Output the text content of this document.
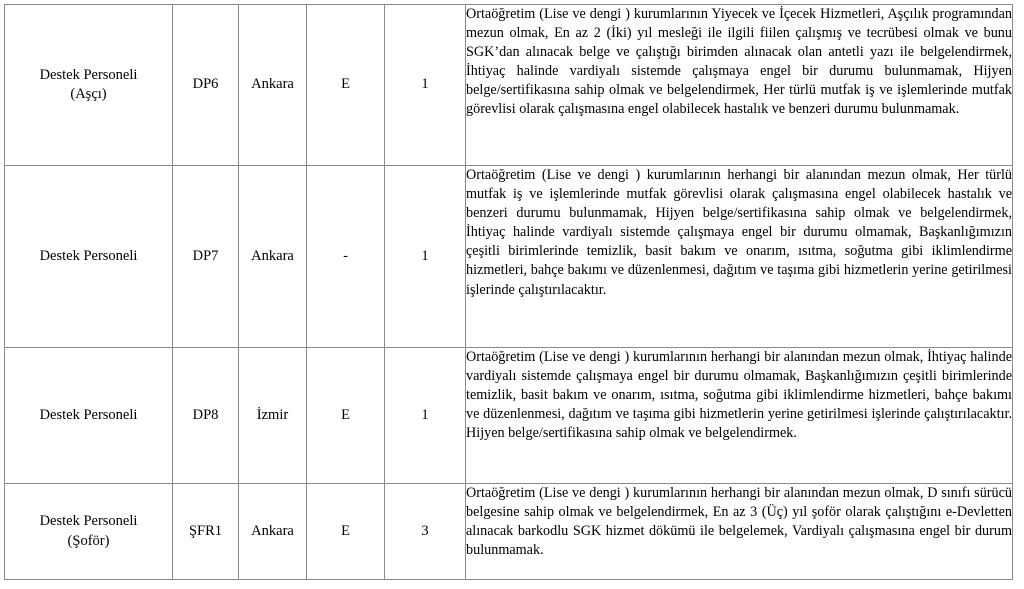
Destek Personeli
(Aşçı)	DP6	Ankara	E	1	Ortaöğretim (Lise ve dengi ) kurumlarının Yiyecek ve İçecek Hizmetleri, Aşçılık programından mezun olmak, En az 2 (İki) yıl mesleği ile ilgili fiilen çalışmış ve tecrübesi olmak ve bunu SGK’dan alınacak belge ve çalıştığı birimden alınacak olan antetli yazı ile belgelendirmek, İhtiyaç halinde vardiyalı sistemde çalışmaya engel bir durumu bulunmamak, Hijyen belge/sertifikasına sahip olmak ve belgelendirmek, Her türlü mutfak iş ve işlemlerinde mutfak görevlisi olarak çalışmasına engel olabilecek hastalık ve benzeri durumu bulunmamak.

Destek Personeli	DP7	Ankara	-	1	Ortaöğretim (Lise ve dengi ) kurumlarının herhangi bir alanından mezun olmak, Her türlü mutfak iş ve işlemlerinde mutfak görevlisi olarak çalışmasına engel olabilecek hastalık ve benzeri durumu bulunmamak, Hijyen belge/sertifikasına sahip olmak ve belgelendirmek, İhtiyaç halinde vardiyalı sistemde çalışmaya engel bir durumu olmamak, Başkanlığımızın çeşitli birimlerinde temizlik, basit bakım ve onarım, ısıtma, soğutma gibi iklimlendirme hizmetleri, bahçe bakımı ve düzenlenmesi, dağıtım ve taşıma gibi hizmetlerin yerine getirilmesi işlerinde çalıştırılacaktır.

Destek Personeli	DP8	İzmir	E	1	Ortaöğretim (Lise ve dengi ) kurumlarının herhangi bir alanından mezun olmak, İhtiyaç halinde vardiyalı sistemde çalışmaya engel bir durumu olmamak, Başkanlığımızın çeşitli birimlerinde temizlik, basit bakım ve onarım, ısıtma, soğutma gibi iklimlendirme hizmetleri, bahçe bakımı ve düzenlenmesi, dağıtım ve taşıma gibi hizmetlerin yerine getirilmesi işlerinde çalıştırılacaktır. Hijyen belge/sertifikasına sahip olmak ve belgelendirmek.

Destek Personeli
(Şoför)	ŞFR1	Ankara	E	3	Ortaöğretim (Lise ve dengi ) kurumlarının herhangi bir alanından mezun olmak, D sınıfı sürücü belgesine sahip olmak ve belgelendirmek, En az 3 (Üç) yıl şoför olarak çalıştığını e-Devletten alınacak barkodlu SGK hizmet dökümü ile belgelemek, Vardiyalı çalışmasına engel bir durum bulunmamak.
